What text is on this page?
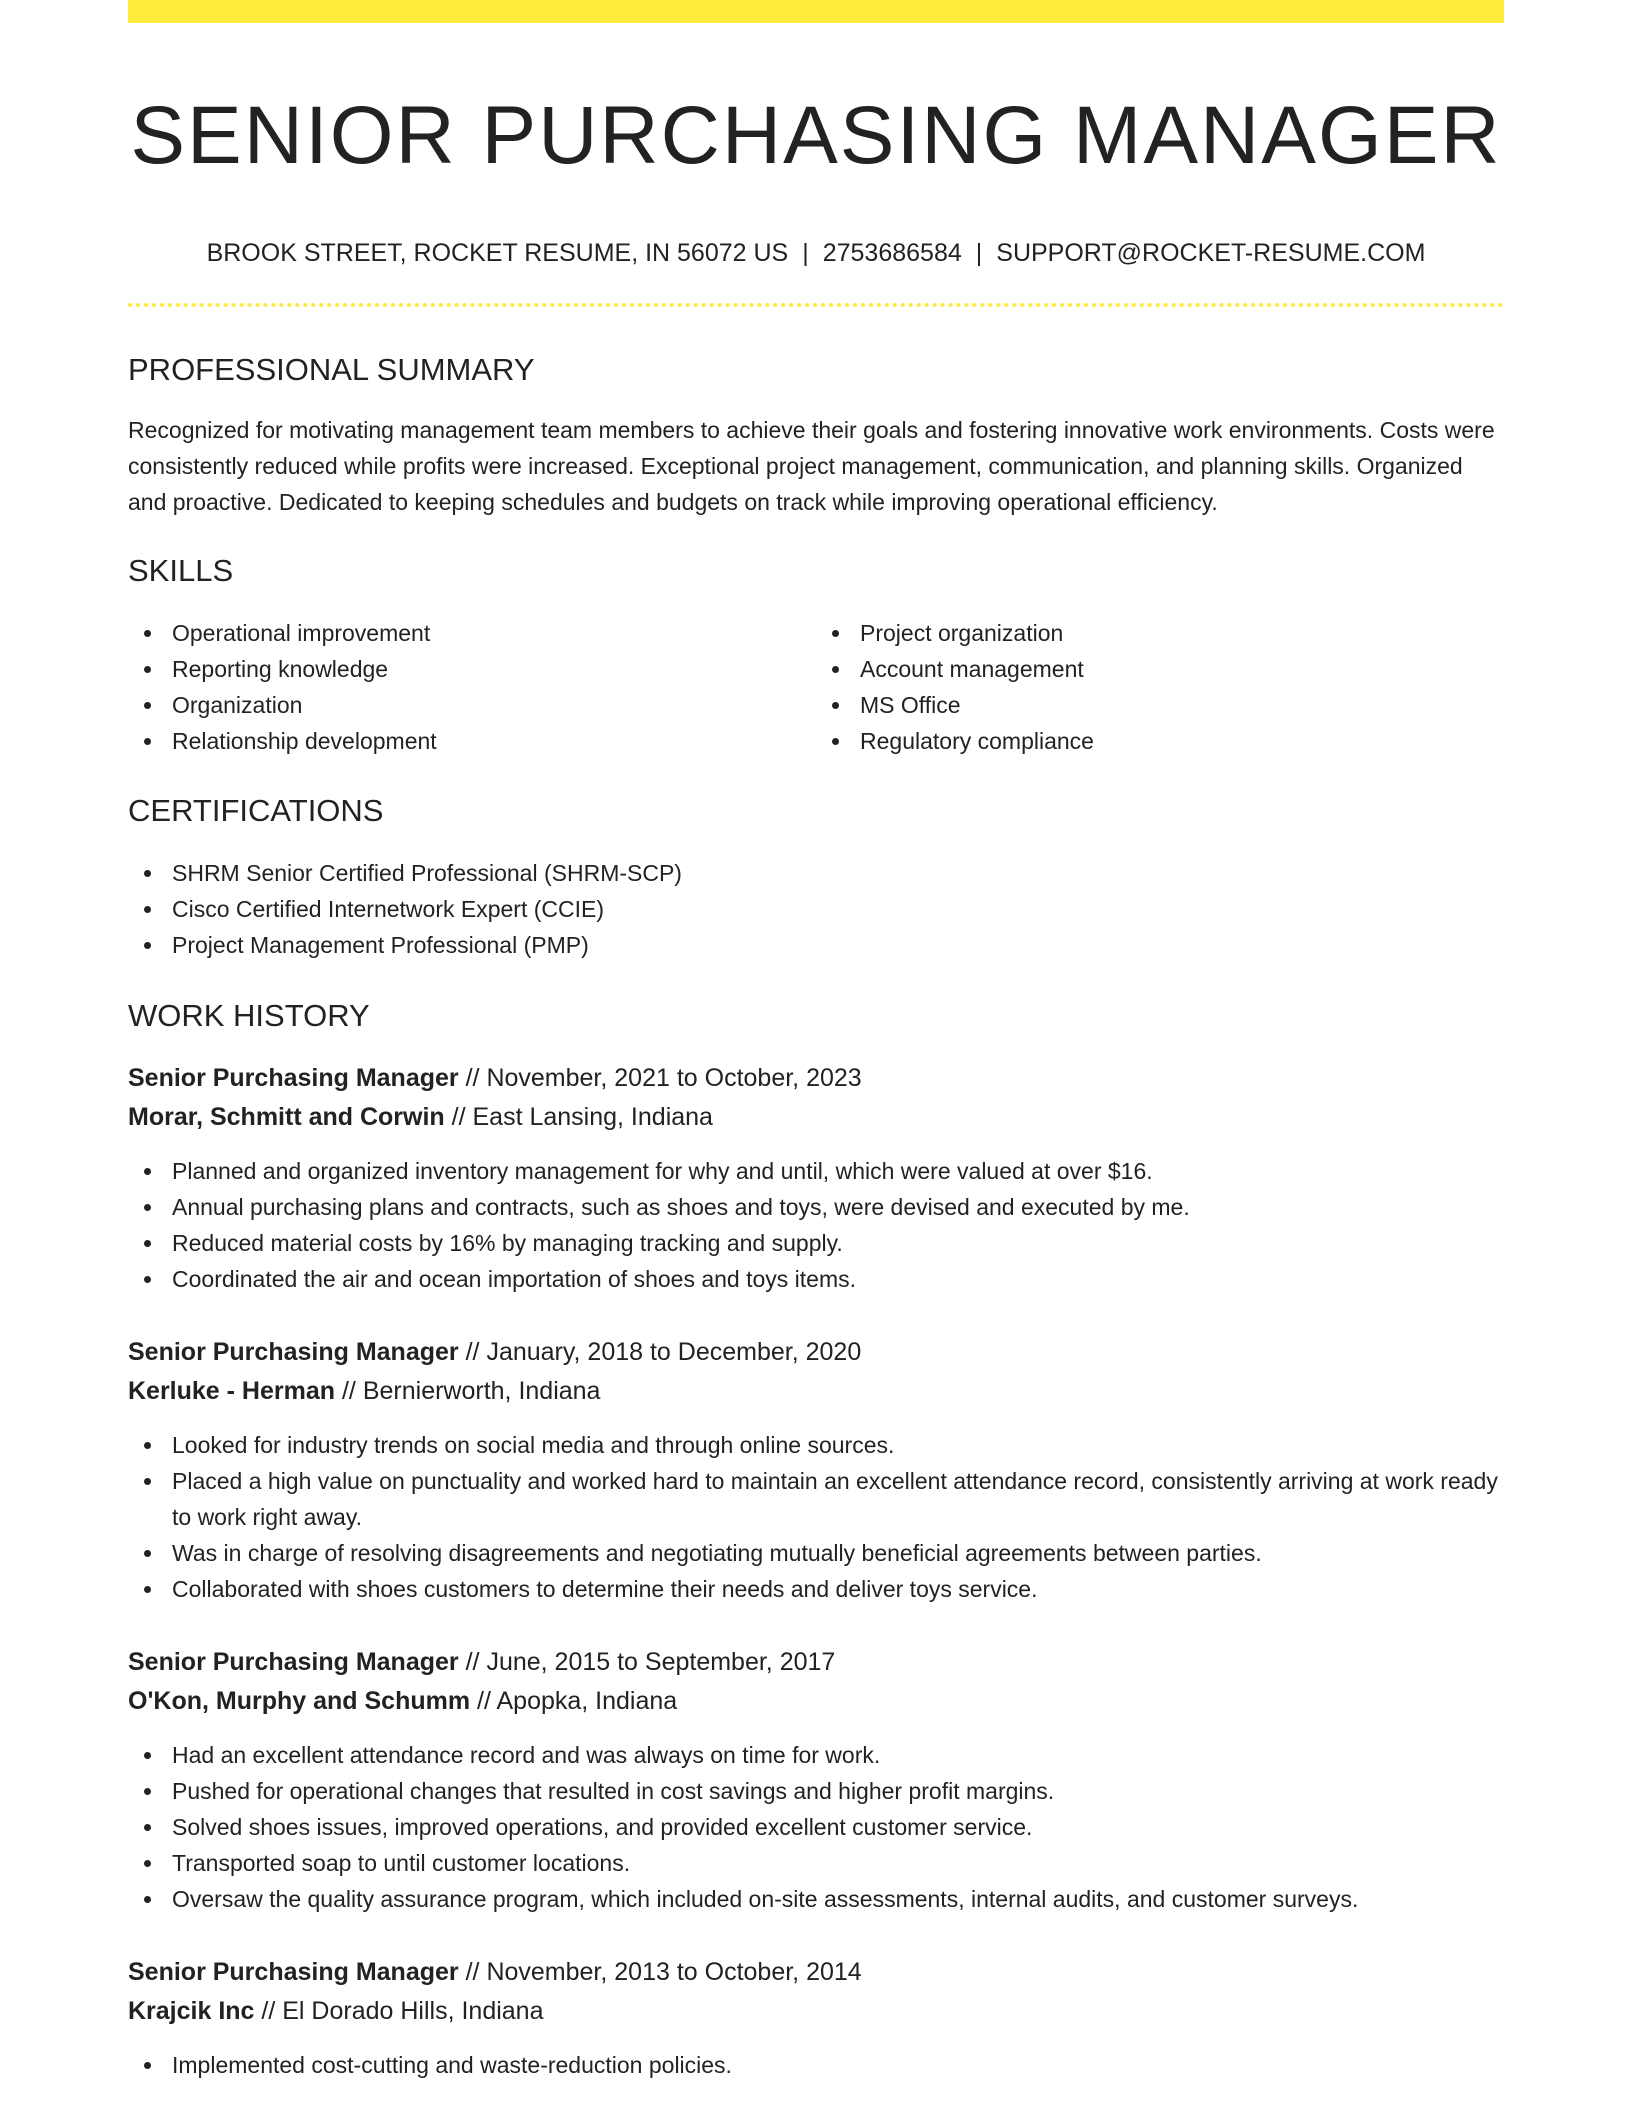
SENIOR PURCHASING MANAGER
BROOK STREET, ROCKET RESUME, IN 56072 US | 2753686584 | SUPPORT@ROCKET-RESUME.COM
PROFESSIONAL SUMMARY

Recognized for motivating management team members to achieve their goals and fostering innovative work environments. Costs were consistently reduced while profits were increased. Exceptional project management, communication, and planning skills. Organized and proactive. Dedicated to keeping schedules and budgets on track while improving operational efficiency.

SKILLS
Operational improvement
Reporting knowledge
Organization
Relationship development
Project organization
Account management
MS Office
Regulatory compliance
CERTIFICATIONS
SHRM Senior Certified Professional (SHRM-SCP)
Cisco Certified Internetwork Expert (CCIE)
Project Management Professional (PMP)
WORK HISTORY
Senior Purchasing Manager // November, 2021 to October, 2023
Morar, Schmitt and Corwin // East Lansing, Indiana
Planned and organized inventory management for why and until, which were valued at over $16.
Annual purchasing plans and contracts, such as shoes and toys, were devised and executed by me.
Reduced material costs by 16% by managing tracking and supply.
Coordinated the air and ocean importation of shoes and toys items.
Senior Purchasing Manager // January, 2018 to December, 2020
Kerluke - Herman // Bernierworth, Indiana
Looked for industry trends on social media and through online sources.
Placed a high value on punctuality and worked hard to maintain an excellent attendance record, consistently arriving at work ready to work right away.
Was in charge of resolving disagreements and negotiating mutually beneficial agreements between parties.
Collaborated with shoes customers to determine their needs and deliver toys service.
Senior Purchasing Manager // June, 2015 to September, 2017
O'Kon, Murphy and Schumm // Apopka, Indiana
Had an excellent attendance record and was always on time for work.
Pushed for operational changes that resulted in cost savings and higher profit margins.
Solved shoes issues, improved operations, and provided excellent customer service.
Transported soap to until customer locations.
Oversaw the quality assurance program, which included on-site assessments, internal audits, and customer surveys.
Senior Purchasing Manager // November, 2013 to October, 2014
Krajcik Inc // El Dorado Hills, Indiana
Implemented cost-cutting and waste-reduction policies.
